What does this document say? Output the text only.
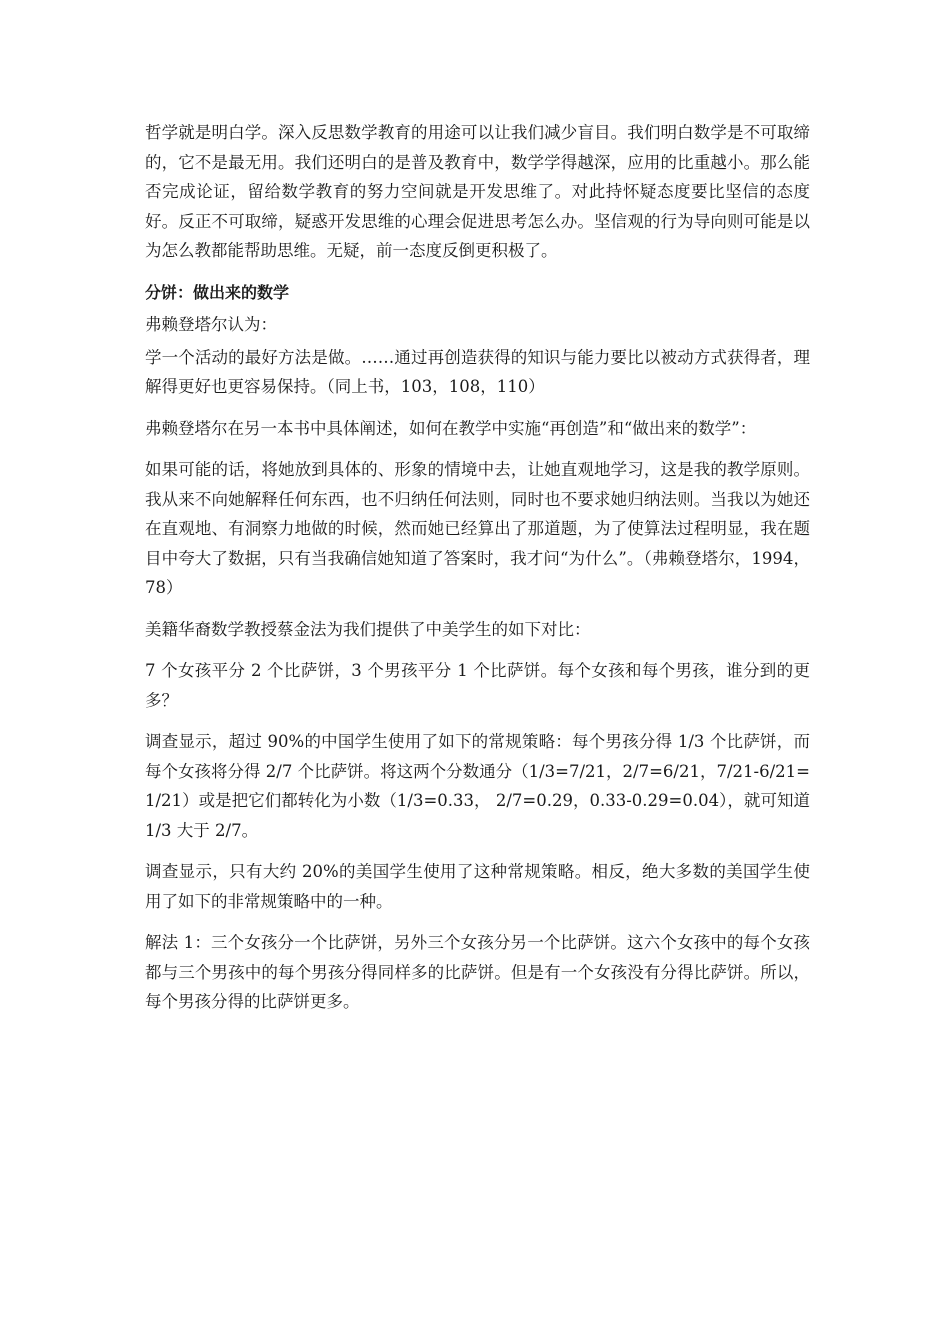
哲学就是明白学。深入反思数学教育的用途可以让我们减少盲目。我们明白数学是不可取缔的，它不是最无用。我们还明白的是普及教育中，数学学得越深，应用的比重越小。那么能否完成论证，留给数学教育的努力空间就是开发思维了。对此持怀疑态度要比坚信的态度好。反正不可取缔，疑惑开发思维的心理会促进思考怎么办。坚信观的行为导向则可能是以为怎么教都能帮助思维。无疑，前一态度反倒更积极了。

分饼：做出来的数学

弗赖登塔尔认为：

学一个活动的最好方法是做。……通过再创造获得的知识与能力要比以被动方式获得者，理解得更好也更容易保持。（同上书，103，108，110）

弗赖登塔尔在另一本书中具体阐述，如何在教学中实施“再创造”和“做出来的数学”：

如果可能的话，将她放到具体的、形象的情境中去，让她直观地学习，这是我的教学原则。我从来不向她解释任何东西，也不归纳任何法则，同时也不要求她归纳法则。当我以为她还在直观地、有洞察力地做的时候，然而她已经算出了那道题，为了使算法过程明显，我在题目中夸大了数据，只有当我确信她知道了答案时，我才问“为什么”。（弗赖登塔尔，1994，78）

美籍华裔数学教授蔡金法为我们提供了中美学生的如下对比：

7 个女孩平分 2 个比萨饼，3 个男孩平分 1 个比萨饼。每个女孩和每个男孩，谁分到的更多？

调查显示，超过 90%的中国学生使用了如下的常规策略：每个男孩分得 1/3 个比萨饼，而每个女孩将分得 2/7 个比萨饼。将这两个分数通分（1/3=7/21，2/7=6/21，7/21-6/21=1/21）或是把它们都转化为小数（1/3=0.33， 2/7=0.29，0.33-0.29=0.04），就可知道 1/3 大于 2/7。

调查显示，只有大约 20%的美国学生使用了这种常规策略。相反，绝大多数的美国学生使用了如下的非常规策略中的一种。

解法 1：三个女孩分一个比萨饼，另外三个女孩分另一个比萨饼。这六个女孩中的每个女孩都与三个男孩中的每个男孩分得同样多的比萨饼。但是有一个女孩没有分得比萨饼。所以，每个男孩分得的比萨饼更多。
